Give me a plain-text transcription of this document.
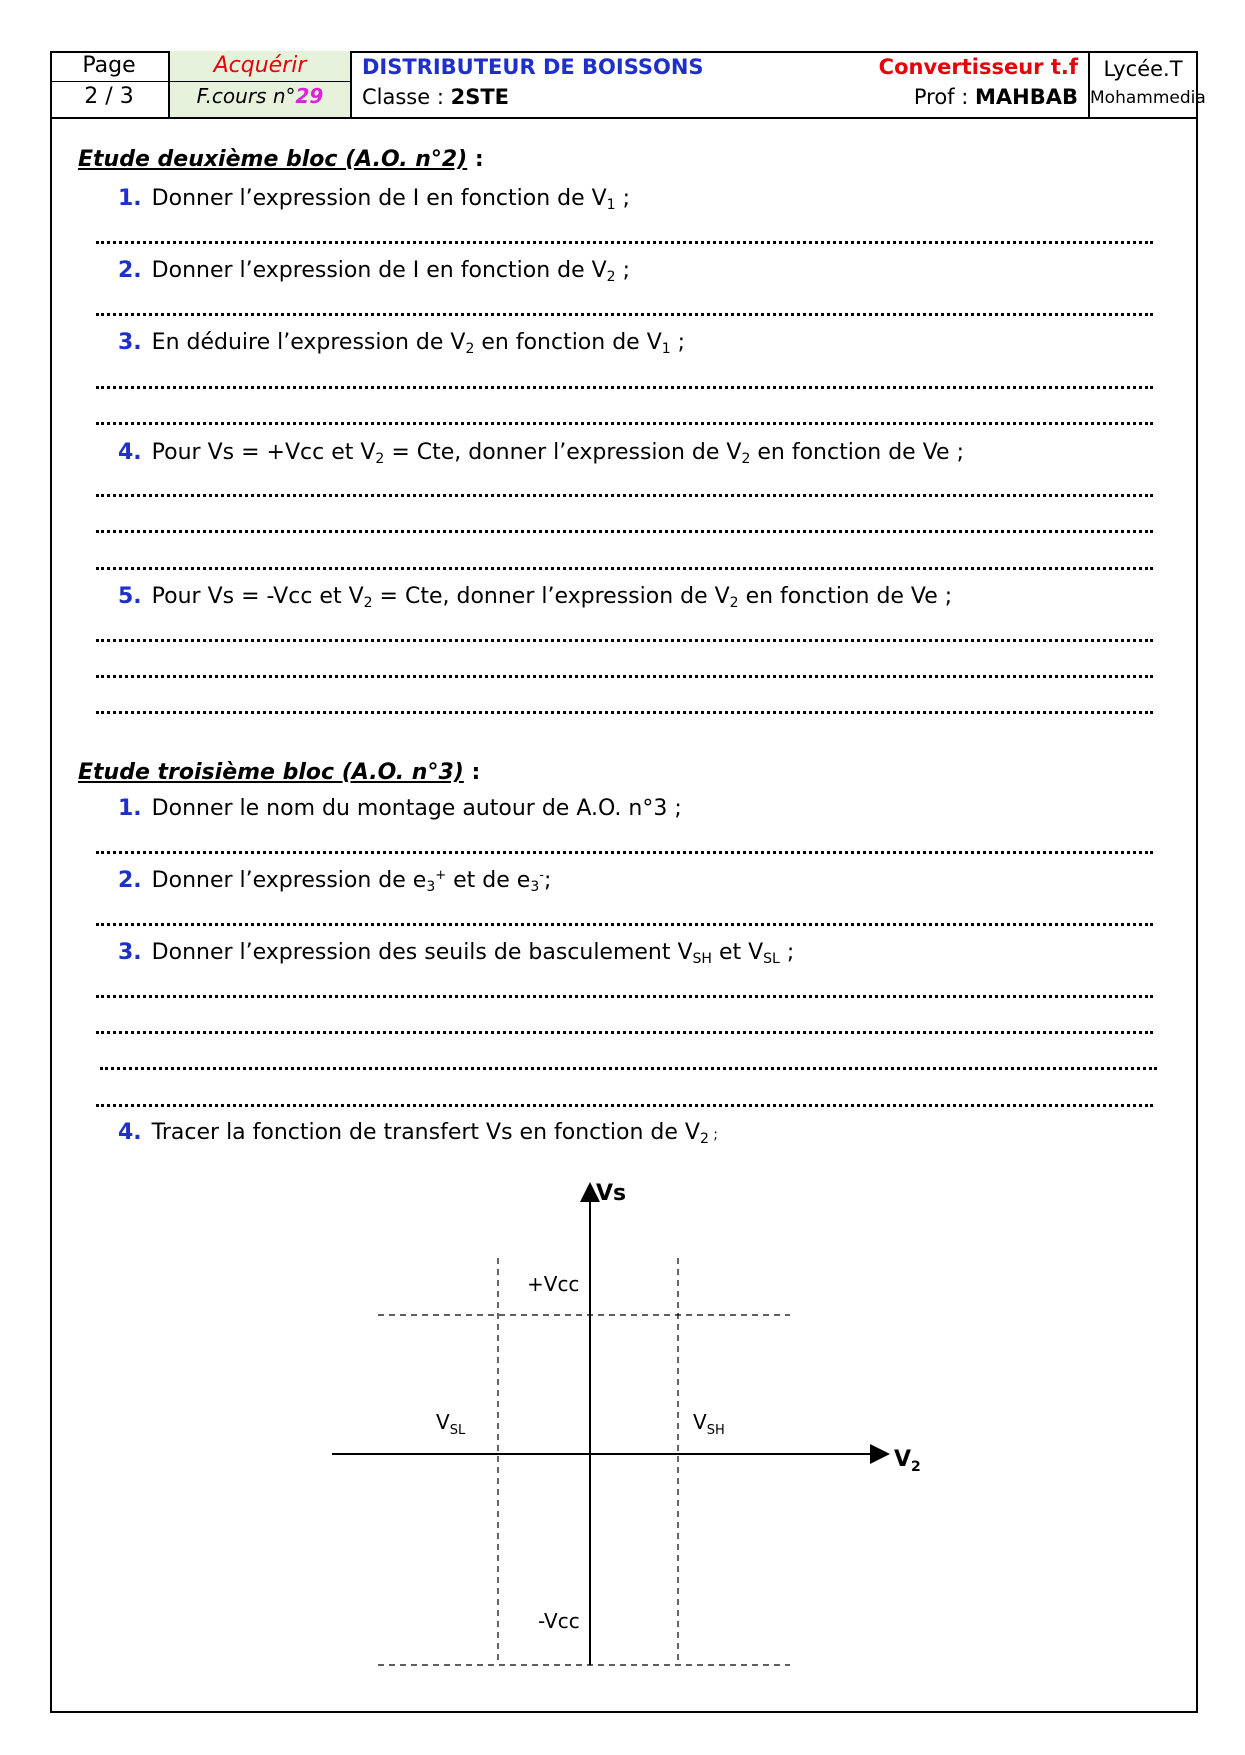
Page
2 / 3
Acquérir
F.cours n°29
DISTRIBUTEUR DE BOISSONS
Classe : 2STE
Convertisseur t.f
Prof : MAHBAB
Lycée.T
Mohammedia
Etude deuxième bloc (A.O. n°2) :
1. Donner l’expression de I en fonction de $V_1$ ;
2. Donner l’expression de I en fonction de $V_2$ ;
3. En déduire l’expression de $V_2$ en fonction de $V_1$ ;
4. Pour Vs = +Vcc et $V_2$ = Cte, donner l’expression de $V_2$ en fonction de Ve ;
5. Pour Vs = -Vcc et $V_2$ = Cte, donner l’expression de $V_2$ en fonction de Ve ;
Etude troisième bloc (A.O. n°3) :
1. Donner le nom du montage autour de A.O. n°3 ;
2. Donner l’expression de $e_3^+$ et de $e_3^-$;
3. Donner l’expression des seuils de basculement $V_{SH}$ et $V_{SL}$ ;
4. Tracer la fonction de transfert Vs en fonction de $V_2$ ;
Vs
$V_2$
+Vcc
-Vcc
$V_{SL}$	$V_{SH}$
